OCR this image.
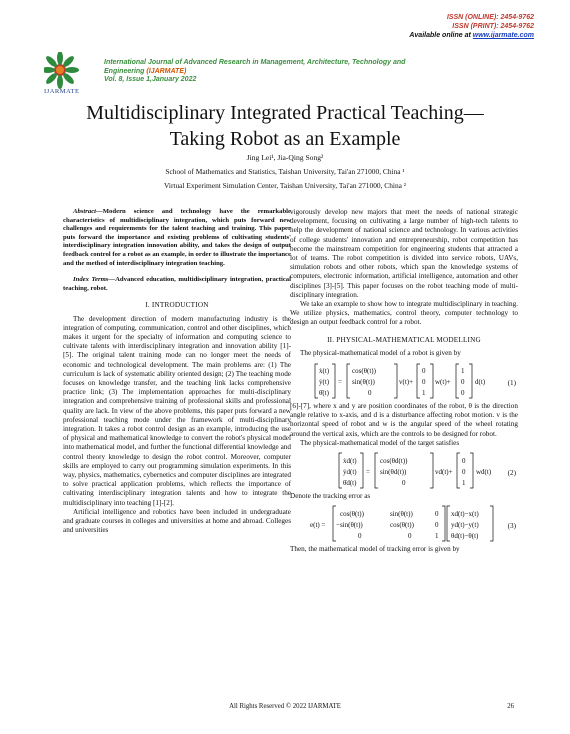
ISSN (ONLINE): 2454-9762
ISSN (PRINT): 2454-9762
Available online at www.ijarmate.com
IJARMATE
International Journal of Advanced Research in Management, Architecture, Technology and
Engineering (IJARMATE)
Vol. 8, Issue 1,January 2022
Multidisciplinary Integrated Practical Teaching—
Taking Robot as an Example
Jing Lei¹, Jia-Qing Song²
School of Mathematics and Statistics, Taishan University, Tai'an 271000, China ¹
Virtual Experiment Simulation Center, Taishan University, Tai'an 271000, China ²

Abstract—Modern science and technology have the remarkable characteristics of multidisciplinary integration, which puts forward new challenges and requirements for the talent teaching and training. This paper puts forward the importance and existing problems of cultivating students' interdisciplinary integration innovation ability, and takes the design of output feedback control for a robot as an example, in order to illustrate the importance and the method of interdisciplinary integration teaching.

Index Terms—Advanced education, multidisciplinary integration, practical teaching, robot.

I. INTRODUCTION

The development direction of modern manufacturing industry is the integration of computing, communication, control and other disciplines, which makes it urgent for the specialty of information and computing science to cultivate talents with interdisciplinary integration and innovation ability [1]-[5]. The original talent training mode can no longer meet the needs of economic and technological development. The main problems are: (1) The curriculum is lack of systematic ability oriented design; (2) The teaching mode focuses on knowledge transfer, and the teaching link lacks comprehensive practice link; (3) The implementation approaches for multi-disciplinary integration and comprehensive training of professional skills and professional quality are lack. In view of the above problems, this paper puts forward a new professional teaching mode under the framework of multi-disciplinary integration. It takes a robot control design as an example, introducing the use of physical and mathematical knowledge to convert the robot's physical model into mathematical model, and further the functional differential knowledge and control theory knowledge to design the robot control. Moreover, computer skills are employed to carry out programming simulation experiments. In this way, physics, mathematics, cybernetics and computer disciplines are integrated to solve practical application problems, which reflects the importance of cultivating interdisciplinary integration talents and how to integrate the multidisciplinary into teaching [1]-[2].

Artificial intelligence and robotics have been included in undergraduate and graduate courses in colleges and universities at home and abroad. Colleges and universities

vigorously develop new majors that meet the needs of national strategic development, focusing on cultivating a large number of high-tech talents to help the development of national science and technology. In various activities of college students' innovation and entrepreneurship, robot competition has become the mainstream competition for engineering students that attracted a lot of teams. The robot competition is divided into service robots, UAVs, simulation robots and other robots, which span the knowledge systems of computers, electronic information, artificial intelligence, automation and other disciplines [3]-[5]. This paper focuses on the robot teaching mode of multi-disciplinary integration.

We take an example to show how to integrate multidisciplinary in teaching. We utilize physics, mathematics, control theory, computer technology to design an output feedback control for a robot.

II. PHYSICAL-MATHEMATICAL MODELLING

The physical-mathematical model of a robot is given by

ẋ(t)
ẏ(t)
θ̇(t)
=
cos(θ(t))
sin(θ(t))
0
v(t)+
0
0
1
w(t)+
1
0
0
d(t)	(1)

[6]-[7], where x and y are position coordinates of the robot, θ is the direction angle relative to x-axis, and d is a disturbance affecting robot motion. v is the horizontal speed of robot and w is the angular speed of the wheel rotating around the vertical axis, which are the controls to be designed for robot.

The physical-mathematical model of the target satisfies

ẋd(t)
ẏd(t)
θ̇d(t)
=
cos(θd(t))
sin(θd(t))
0
vd(t)+
0
0
1
wd(t) (2)

Denote the tracking error as

e(t) =
cos(θ(t))	sin(θ(t))	0
−sin(θ(t))	cos(θ(t))	0
0	0	1
xd(t)−x(t)
yd(t)−y(t)
θd(t)−θ(t)
(3)

Then, the mathematical model of tracking error is given by

All Rights Reserved © 2022 IJARMATE	26
